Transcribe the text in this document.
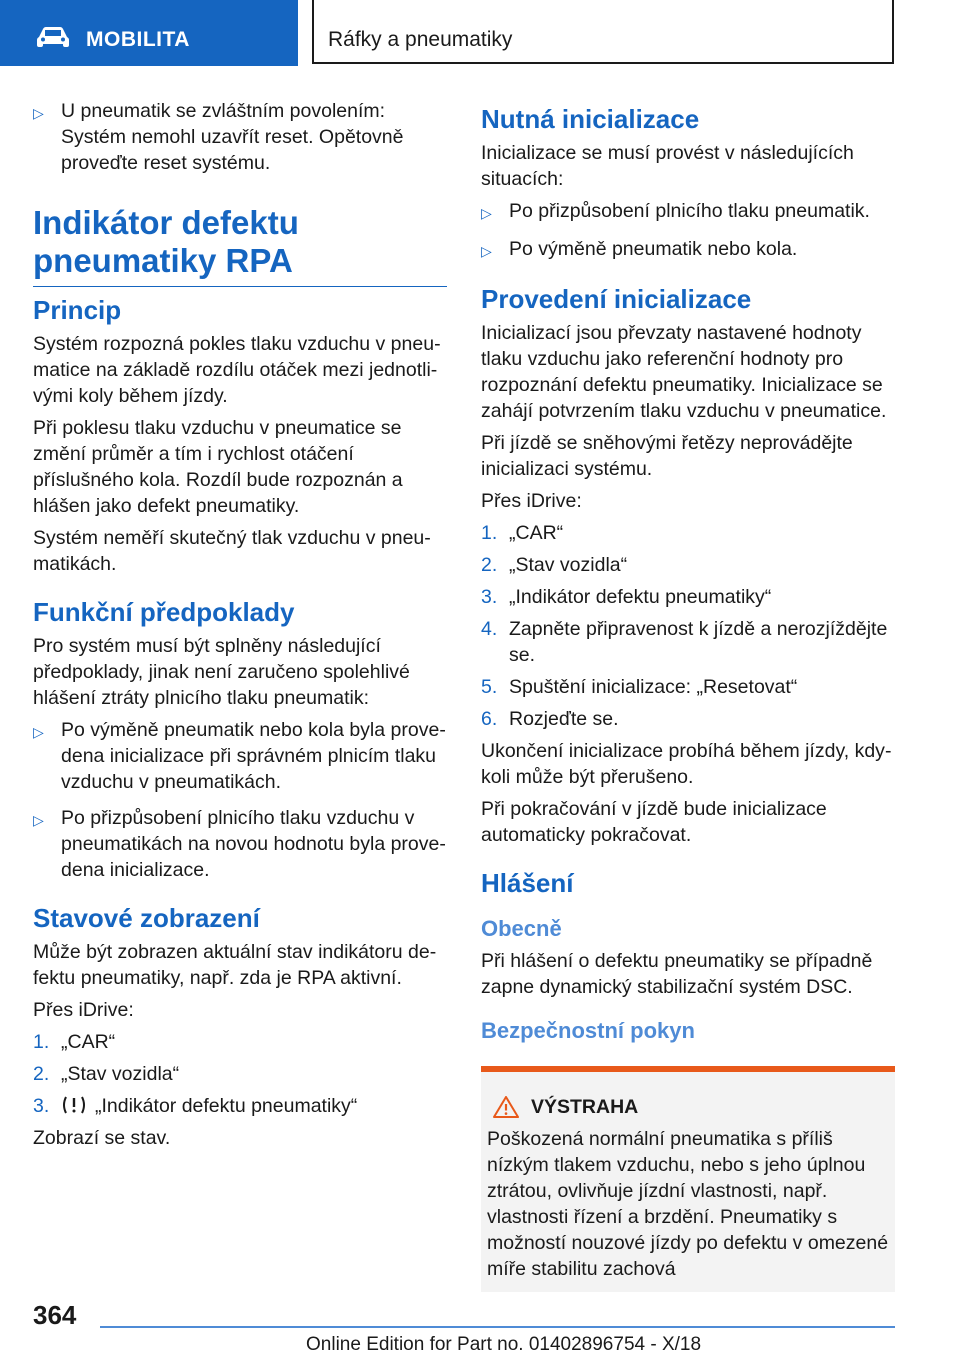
MOBILITA	Ráfky a pneumatiky
▷ U pneumatik se zvláštním povolením: Systém nemohl uzavřít reset. Opětovně proveďte reset systému.
Indikátor defektu pneumatiky RPA
Princip

Systém rozpozná pokles tlaku vzduchu v pneumatice na základě rozdílu otáček mezi jednotlivými koly během jízdy.

Při poklesu tlaku vzduchu v pneumatice se změní průměr a tím i rychlost otáčení příslušného kola. Rozdíl bude rozpoznán a hlášen jako defekt pneumatiky.

Systém neměří skutečný tlak vzduchu v pneumatikách.

Funkční předpoklady

Pro systém musí být splněny následující předpoklady, jinak není zaručeno spolehlivé hlášení ztráty plnicího tlaku pneumatik:

▷ Po výměně pneumatik nebo kola byla provedena inicializace při správném plnicím tlaku vzduchu v pneumatikách.
▷ Po přizpůsobení plnicího tlaku vzduchu v pneumatikách na novou hodnotu byla provedena inicializace.
Stavové zobrazení

Může být zobrazen aktuální stav indikátoru defektu pneumatiky, např. zda je RPA aktivní.

Přes iDrive:

1. „CAR“
2. „Stav vozidla“
3.	„Indikátor defektu pneumatiky“

Zobrazí se stav.

Nutná inicializace

Inicializace se musí provést v následujících situacích:

▷ Po přizpůsobení plnicího tlaku pneumatik.
▷ Po výměně pneumatik nebo kola.
Provedení inicializace

Inicializací jsou převzaty nastavené hodnoty tlaku vzduchu jako referenční hodnoty pro rozpoznání defektu pneumatiky. Inicializace se zahájí potvrzením tlaku vzduchu v pneumatice.

Při jízdě se sněhovými řetězy neprovádějte inicializaci systému.

Přes iDrive:

1. „CAR“
2. „Stav vozidla“
3. „Indikátor defektu pneumatiky“
4. Zapněte připravenost k jízdě a nerozjíždějte se.
5. Spuštění inicializace: „Resetovat“
6. Rozjeďte se.

Ukončení inicializace probíhá během jízdy, kdykoli může být přerušeno.

Při pokračování v jízdě bude inicializace automaticky pokračovat.

Hlášení
Obecně

Při hlášení o defektu pneumatiky se případně zapne dynamický stabilizační systém DSC.

Bezpečnostní pokyn
VÝSTRAHA

Poškozená normální pneumatika s příliš nízkým tlakem vzduchu, nebo s jeho úplnou ztrátou, ovlivňuje jízdní vlastnosti, např. vlastnosti řízení a brzdění. Pneumatiky s možností nouzové jízdy po defektu v omezené míře stabilitu zachová

364
Online Edition for Part no. 01402896754 - X/18
